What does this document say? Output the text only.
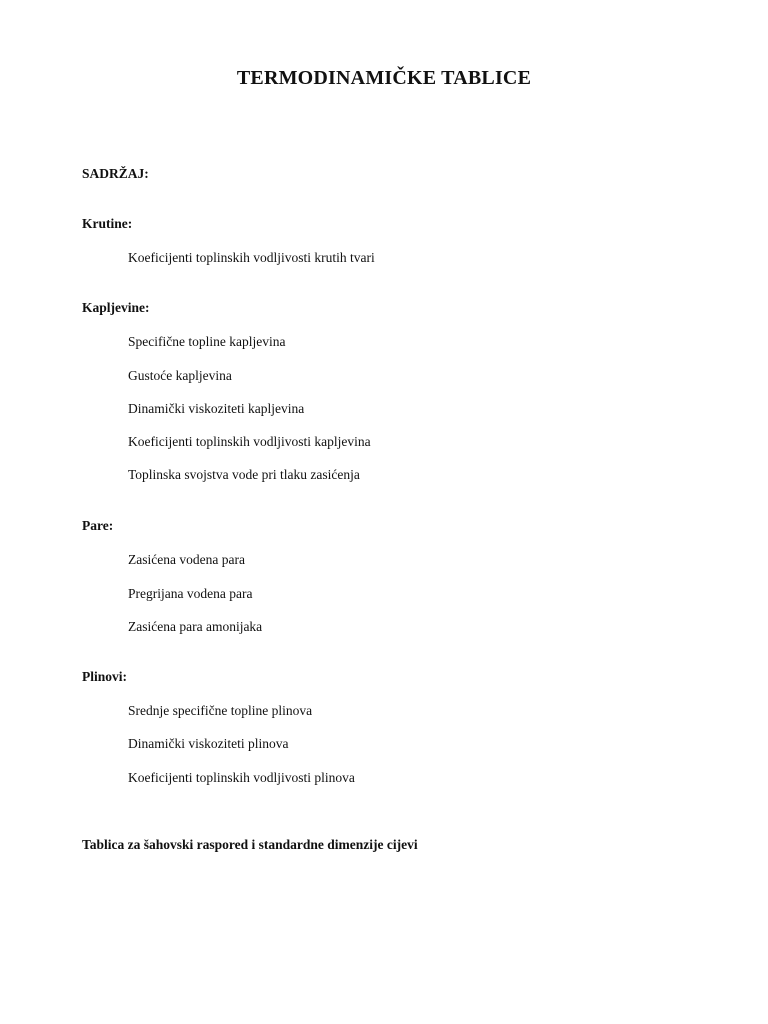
TERMODINAMIČKE TABLICE
SADRŽAJ:
Krutine:
Koeficijenti toplinskih vodljivosti krutih tvari
Kapljevine:
Specifične topline kapljevina
Gustoće kapljevina
Dinamički viskoziteti kapljevina
Koeficijenti toplinskih vodljivosti kapljevina
Toplinska svojstva vode pri tlaku zasićenja
Pare:
Zasićena vodena para
Pregrijana vodena para
Zasićena para amonijaka
Plinovi:
Srednje specifične topline plinova
Dinamički viskoziteti plinova
Koeficijenti toplinskih vodljivosti plinova
Tablica za šahovski raspored i standardne dimenzije cijevi
